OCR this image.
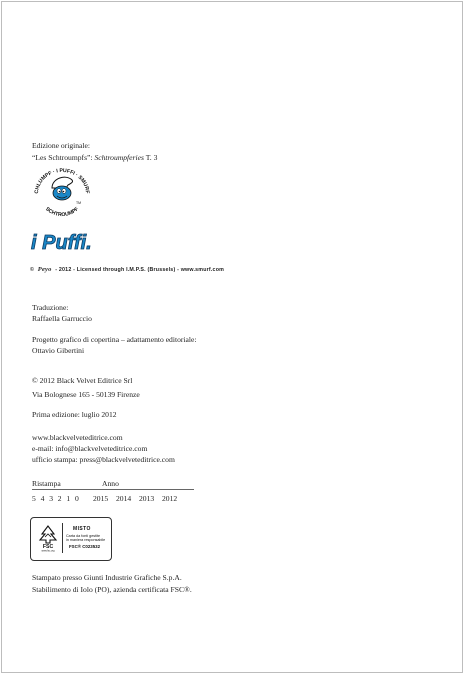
Edizione originale:
“Les Schtroumpfs”: Schtroumpferies T. 3
CHLUMPF · I PUFFI · SMURF
SCHTROUMPF
TM
i Puffi.
© Peyo - 2012 - Licensed through I.M.P.S. (Brussels) - www.smurf.com
Traduzione:
Raffaella Garruccio
Progetto grafico di copertina – adattamento editoriale:
Ottavio Gibertini
© 2012 Black Velvet Editrice Srl
Via Bolognese 165 - 50139 Firenze
Prima edizione: luglio 2012
www.blackvelveteditrice.com
e-mail: info@blackvelveteditrice.com
ufficio stampa: press@blackvelveteditrice.com
Ristampa	Anno
5 4 3 2 1 0 2015 2014 2013 2012
FSC
www.fsc.org
MISTO
Carta da fonti gestite
in maniera responsabile
FSC® C023532
Stampato presso Giunti Industrie Grafiche S.p.A.
Stabilimento di Iolo (PO), azienda certificata FSC®.
